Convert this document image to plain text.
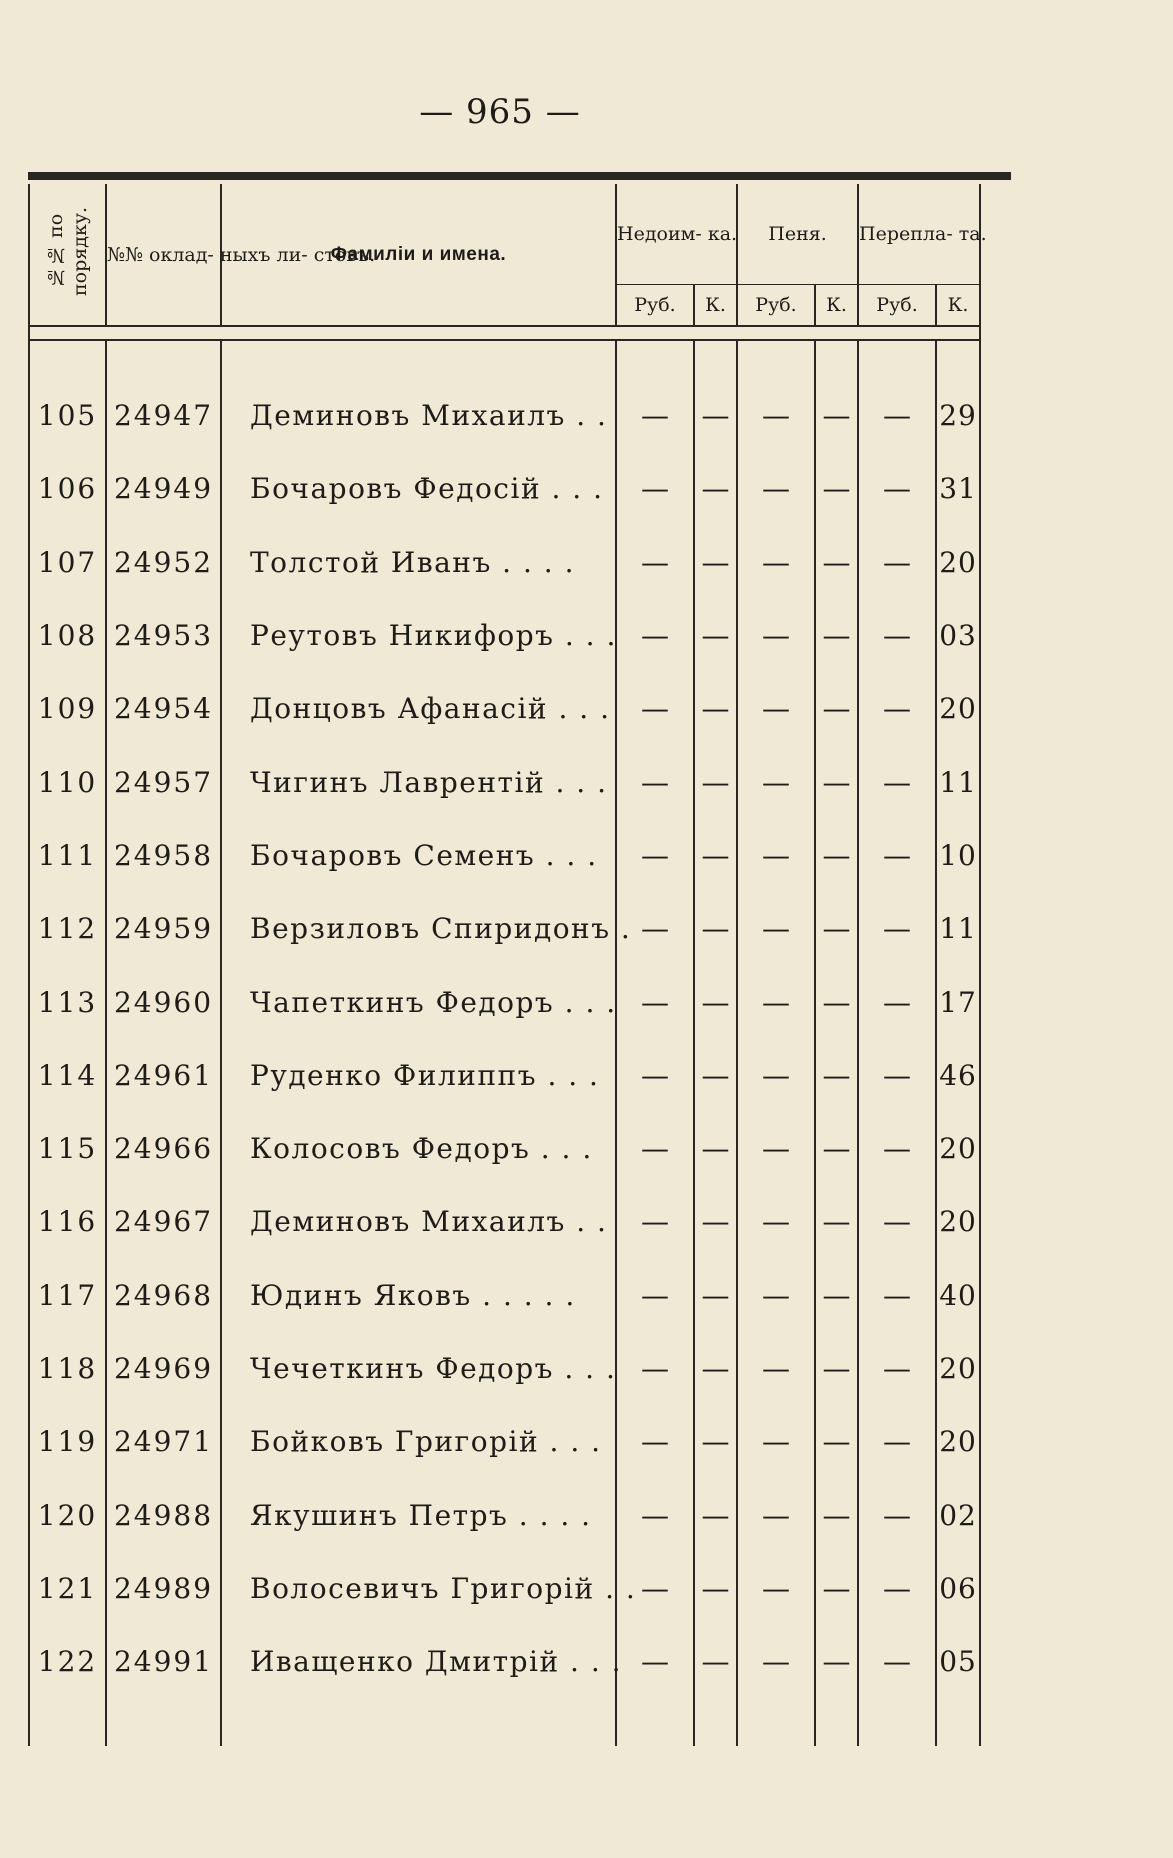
— 965 —
№№ по порядку.	№№ оклад- ныхъ ли- стовъ.	Фамиліи и имена.	Недоим- ка.		Пеня.		Перепла- та.		
			Руб.	К.	Руб.	К.	Руб.	К.	

105	24947	Деминовъ Михаилъ . .	—	—	—	—	—	29	
106	24949	Бочаровъ Федосій . . .	—	—	—	—	—	31	
107	24952	Толстой Иванъ . . . .	—	—	—	—	—	20	
108	24953	Реутовъ Никифоръ . . .	—	—	—	—	—	03	
109	24954	Донцовъ Афанасій . . .	—	—	—	—	—	20	
110	24957	Чигинъ Лаврентій . . .	—	—	—	—	—	11	
111	24958	Бочаровъ Семенъ . . .	—	—	—	—	—	10	
112	24959	Верзиловъ Спиридонъ .	—	—	—	—	—	11	
113	24960	Чапеткинъ Федоръ . . .	—	—	—	—	—	17	
114	24961	Руденко Филиппъ . . .	—	—	—	—	—	46	
115	24966	Колосовъ Федоръ . . .	—	—	—	—	—	20	
116	24967	Деминовъ Михаилъ . .	—	—	—	—	—	20	
117	24968	Юдинъ Яковъ . . . . .	—	—	—	—	—	40	
118	24969	Чечеткинъ Федоръ . . .	—	—	—	—	—	20	
119	24971	Бойковъ Григорій . . .	—	—	—	—	—	20	
120	24988	Якушинъ Петръ . . . .	—	—	—	—	—	02	
121	24989	Волосевичъ Григорій . .	—	—	—	—	—	06	
122	24991	Иващенко Дмитрій . . .	—	—	—	—	—	05	
